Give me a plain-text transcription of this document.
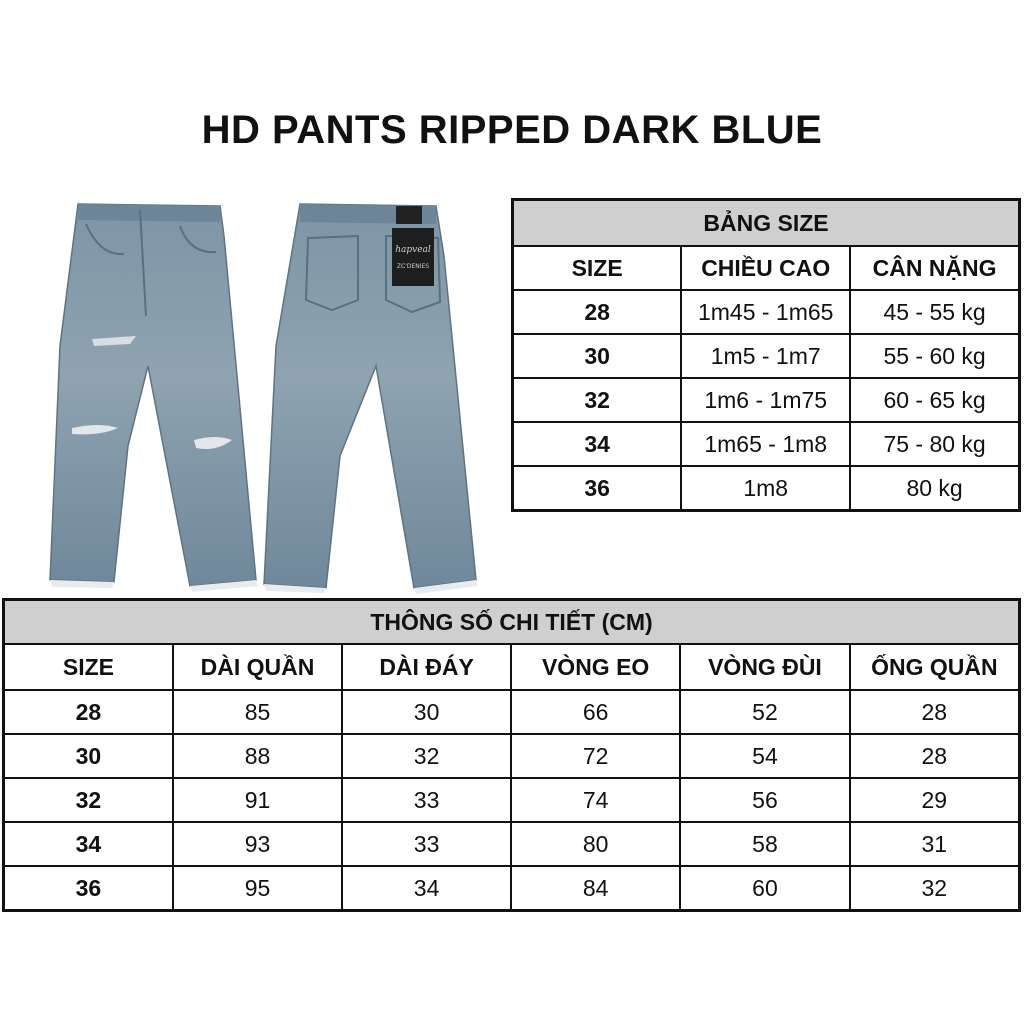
HD PANTS RIPPED DARK BLUE
hapveal
ZC'DENIES
BẢNG SIZE		
SIZE	CHIỀU CAO	CÂN NẶNG
28	1m45 - 1m65	45 - 55 kg
30	1m5 - 1m7	55 - 60 kg
32	1m6 - 1m75	60 - 65 kg
34	1m65 - 1m8	75 - 80 kg
36	1m8	80 kg
THÔNG SỐ CHI TIẾT (CM)					
SIZE	DÀI QUẦN	DÀI ĐÁY	VÒNG EO	VÒNG ĐÙI	ỐNG QUẦN
28	85	30	66	52	28
30	88	32	72	54	28
32	91	33	74	56	29
34	93	33	80	58	31
36	95	34	84	60	32
